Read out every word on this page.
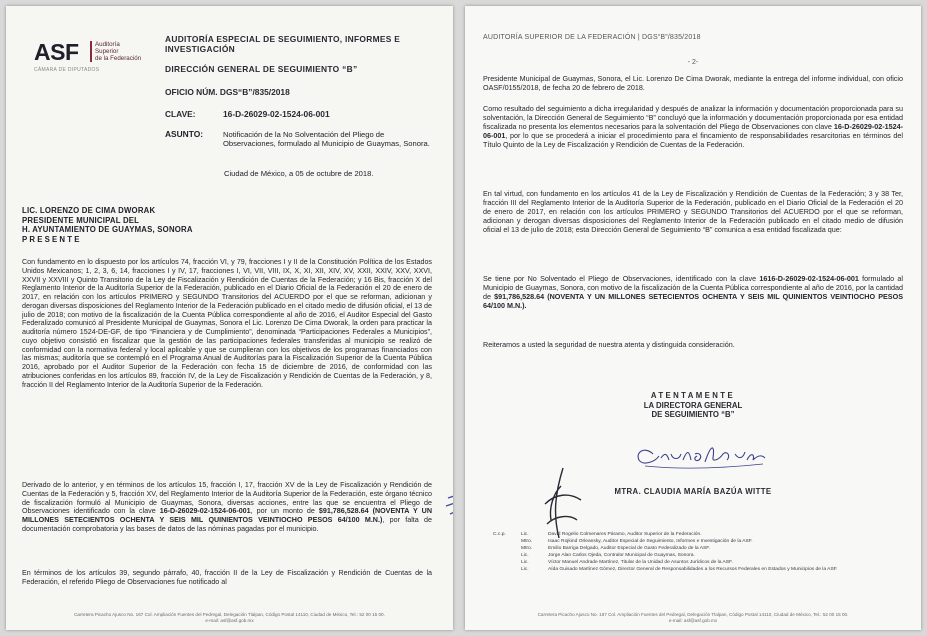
ASF	Auditoría
Superior
de la Federación
CÁMARA DE DIPUTADOS
AUDITORÍA ESPECIAL DE SEGUIMIENTO, INFORMES E
INVESTIGACIÓN
DIRECCIÓN GENERAL DE SEGUIMIENTO “B”
OFICIO NÚM. DGS“B”/835/2018
CLAVE:	16-D-26029-02-1524-06-001
ASUNTO:	Notificación de la No Solventación del Pliego de Observaciones, formulado al Municipio de Guaymas, Sonora.
Ciudad de México, a 05 de octubre de 2018.
LIC. LORENZO DE CIMA DWORAK
PRESIDENTE MUNICIPAL DEL
H. AYUNTAMIENTO DE GUAYMAS, SONORA
PRESENTE
Con fundamento en lo dispuesto por los artículos 74, fracción VI, y 79, fracciones I y II de la Constitución Política de los Estados Unidos Mexicanos; 1, 2, 3, 6, 14, fracciones I y IV, 17, fracciones I, VI, VII, VIII, IX, X, XI, XII, XIV, XV, XXII, XXIV, XXV, XXVI, XXVII y XXVIII y Quinto Transitorio de la Ley de Fiscalización y Rendición de Cuentas de la Federación; y 16 Bis, fracción X del Reglamento Interior de la Auditoría Superior de la Federación, publicado en el Diario Oficial de la Federación el 20 de enero de 2017, en relación con los artículos PRIMERO y SEGUNDO Transitorios del ACUERDO por el que se reforman, adicionan y derogan diversas disposiciones del Reglamento Interior de la Federación publicado en el citado medio de difusión oficial, el 13 de julio de 2018; con motivo de la fiscalización de la Cuenta Pública correspondiente al año de 2016, el Auditor Especial del Gasto Federalizado comunicó al Presidente Municipal de Guaymas, Sonora el Lic. Lorenzo De Cima Dworak, la orden para practicar la auditoría número 1524-DE-GF, de tipo “Financiera y de Cumplimiento”, denominada “Participaciones Federales a Municipios”, cuyo objetivo consistió en fiscalizar que la gestión de las participaciones federales transferidas al municipio se realizó de conformidad con la normativa federal y local aplicable y que se cumplieran con los objetivos de los programas financiados con las mismas; auditoría que se contempló en el Programa Anual de Auditorías para la Fiscalización Superior de la Cuenta Pública 2016, aprobado por el Auditor Superior de la Federación con fecha 15 de diciembre de 2016, de conformidad con las atribuciones conferidas en los artículos 89, fracción IV, de la Ley de Fiscalización y Rendición de Cuentas de la Federación, y 8, fracción II del Reglamento Interior de la Auditoría Superior de la Federación.
Derivado de lo anterior, y en términos de los artículos 15, fracción I, 17, fracción XV de la Ley de Fiscalización y Rendición de Cuentas de la Federación y 5, fracción XV, del Reglamento Interior de la Auditoría Superior de la Federación, este órgano técnico de fiscalización formuló al Municipio de Guaymas, Sonora, diversas acciones, entre las que se encuentra el Pliego de Observaciones identificado con la clave 16-D-26029-02-1524-06-001, por un monto de $91,786,528.64 (NOVENTA Y UN MILLONES SETECIENTOS OCHENTA Y SEIS MIL QUINIENTOS VEINTIOCHO PESOS 64/100 M.N.), por falta de documentación comprobatoria y las bases de datos de las nóminas pagadas por el municipio.
En términos de los artículos 39, segundo párrafo, 40, fracción II de la Ley de Fiscalización y Rendición de Cuentas de la Federación, el referido Pliego de Observaciones fue notificado al
Carretera Picacho Ajusco No. 167 Col. Ampliación Fuentes del Pedregal, Delegación Tlalpan, Código Postal 14110, Ciudad de México, Tel.: 52 00 15 00.
e-mail: asf@asf.gob.mx
AUDITORÍA SUPERIOR DE LA FEDERACIÓN | DGS“B”/835/2018
- 2-
Presidente Municipal de Guaymas, Sonora, el Lic. Lorenzo De Cima Dworak, mediante la entrega del informe individual, con oficio OASF/0155/2018, de fecha 20 de febrero de 2018.
Como resultado del seguimiento a dicha irregularidad y después de analizar la información y documentación proporcionada para su solventación, la Dirección General de Seguimiento “B” concluyó que la información y documentación proporcionada por esa entidad fiscalizada no presenta los elementos necesarios para la solventación del Pliego de Observaciones con clave 16-D-26029-02-1524-06-001, por lo que se procederá a iniciar el procedimiento para el fincamiento de responsabilidades resarcitorias en términos del Título Quinto de la Ley de Fiscalización y Rendición de Cuentas de la Federación.
En tal virtud, con fundamento en los artículos 41 de la Ley de Fiscalización y Rendición de Cuentas de la Federación; 3 y 38 Ter, fracción III del Reglamento Interior de la Auditoría Superior de la Federación, publicado en el Diario Oficial de la Federación el 20 de enero de 2017, en relación con los artículos PRIMERO y SEGUNDO Transitorios del ACUERDO por el que se reforman, adicionan y derogan diversas disposiciones del Reglamento Interior de la Federación publicado en el citado medio de difusión oficial el 13 de julio de 2018; esta Dirección General de Seguimiento “B” comunica a esa entidad fiscalizada que:
Se tiene por No Solventado el Pliego de Observaciones, identificado con la clave 1616-D-26029-02-1524-06-001 formulado al Municipio de Guaymas, Sonora, con motivo de la fiscalización de la Cuenta Pública correspondiente al año de 2016, por la cantidad de $91,786,528.64 (NOVENTA Y UN MILLONES SETECIENTOS OCHENTA Y SEIS MIL QUINIENTOS VEINTIOCHO PESOS 64/100 M.N.).
Reiteramos a usted la seguridad de nuestra atenta y distinguida consideración.
ATENTAMENTE
LA DIRECTORA GENERAL
DE SEGUIMIENTO “B”
MTRA. CLAUDIA MARÍA BAZÚA WITTE
C.c.p.	Lic.	David Rogelio Colmenares Páramo, Auditor Superior de la Federación.
Mtro.	Isaac Rojkind Orleansky, Auditor Especial de Seguimiento, Informes e Investigación de la ASF.
Mtro.	Emilio Barriga Delgado, Auditor Especial de Gasto Federalizado de la ASF.
Lic.	Jorge Alan Carlos Ojeda, Contralor Municipal de Guaymas, Sonora.
Lic.	Víctor Manuel Andrade Martínez, Titular de la Unidad de Asuntos Jurídicos de la ASF.
Lic.	Aída Guisado Martínez Gómez, Director General de Responsabilidades a los Recursos Federales en Estados y Municipios de la ASF.
Carretera Picacho Ajusco No. 167 Col. Ampliación Fuentes del Pedregal, Delegación Tlalpan, Código Postal 14110, Ciudad de México, Tel.: 52 00 15 00.
e-mail: asf@asf.gob.mx
